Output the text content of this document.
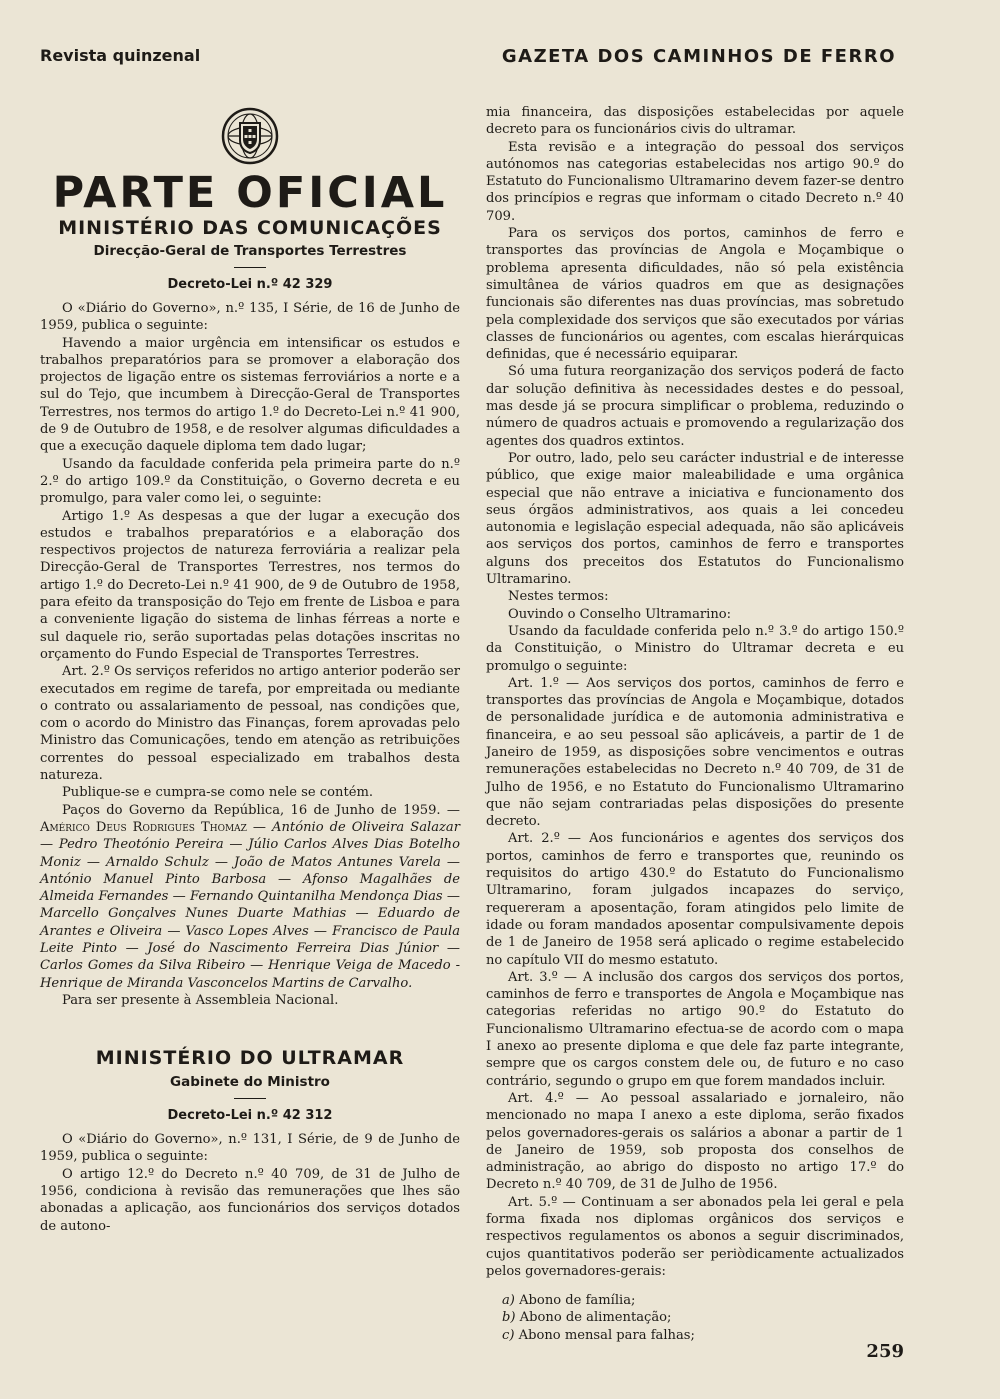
Revista quinzenal	GAZETA DOS CAMINHOS DE FERRO
PARTE OFICIAL
MINISTÉRIO DAS COMUNICAÇÕES
Direcção-Geral de Transportes Terrestres
Decreto-Lei n.º 42 329

O «Diário do Governo», n.º 135, I Série, de 16 de Junho de 1959, publica o seguinte:

Havendo a maior urgência em intensificar os estudos e trabalhos preparatórios para se promover a elaboração dos projectos de ligação entre os sistemas ferroviários a norte e a sul do Tejo, que incumbem à Direcção-Geral de Transportes Terrestres, nos termos do artigo 1.º do Decreto-Lei n.º 41 900, de 9 de Outubro de 1958, e de resolver algumas dificuldades a que a execução daquele diploma tem dado lugar;

Usando da faculdade conferida pela primeira parte do n.º 2.º do artigo 109.º da Constituição, o Governo decreta e eu promulgo, para valer como lei, o seguinte:

Artigo 1.º As despesas a que der lugar a execução dos estudos e trabalhos preparatórios e a elaboração dos respectivos projectos de natureza ferroviária a realizar pela Direcção-Geral de Transportes Terrestres, nos termos do artigo 1.º do Decreto-Lei n.º 41 900, de 9 de Outubro de 1958, para efeito da transposição do Tejo em frente de Lisboa e para a conveniente ligação do sistema de linhas férreas a norte e sul daquele rio, serão suportadas pelas dotações inscritas no orçamento do Fundo Especial de Transportes Terrestres.

Art. 2.º Os serviços referidos no artigo anterior poderão ser executados em regime de tarefa, por empreitada ou mediante o contrato ou assalariamento de pessoal, nas condições que, com o acordo do Ministro das Finanças, forem aprovadas pelo Ministro das Comunicações, tendo em atenção as retribuições correntes do pessoal especializado em trabalhos desta natureza.

Publique-se e cumpra-se como nele se contém.

Paços do Governo da República, 16 de Junho de 1959. — Américo Deus Rodrigues Thomaz — António de Oliveira Salazar — Pedro Theotónio Pereira — Júlio Carlos Alves Dias Botelho Moniz — Arnaldo Schulz — João de Matos Antunes Varela — António Manuel Pinto Barbosa — Afonso Magalhães de Almeida Fernandes — Fernando Quintanilha Mendonça Dias — Marcello Gonçalves Nunes Duarte Mathias — Eduardo de Arantes e Oliveira — Vasco Lopes Alves — Francisco de Paula Leite Pinto — José do Nascimento Ferreira Dias Júnior — Carlos Gomes da Silva Ribeiro — Henrique Veiga de Macedo - Henrique de Miranda Vasconcelos Martins de Carvalho.

Para ser presente à Assembleia Nacional.

MINISTÉRIO DO ULTRAMAR
Gabinete do Ministro
Decreto-Lei n.º 42 312

O «Diário do Governo», n.º 131, I Série, de 9 de Junho de 1959, publica o seguinte:

O artigo 12.º do Decreto n.º 40 709, de 31 de Julho de 1956, condiciona à revisão das remunerações que lhes são abonadas a aplicação, aos funcionários dos serviços dotados de autono-

mia financeira, das disposições estabelecidas por aquele decreto para os funcionários civis do ultramar.

Esta revisão e a integração do pessoal dos serviços autónomos nas categorias estabelecidas nos artigo 90.º do Estatuto do Funcionalismo Ultramarino devem fazer-se dentro dos princípios e regras que informam o citado Decreto n.º 40 709.

Para os serviços dos portos, caminhos de ferro e transportes das províncias de Angola e Moçambique o problema apresenta dificuldades, não só pela existência simultânea de vários quadros em que as designações funcionais são diferentes nas duas províncias, mas sobretudo pela complexidade dos serviços que são executados por várias classes de funcionários ou agentes, com escalas hierárquicas definidas, que é necessário equiparar.

Só uma futura reorganização dos serviços poderá de facto dar solução definitiva às necessidades destes e do pessoal, mas desde já se procura simplificar o problema, reduzindo o número de quadros actuais e promovendo a regularização dos agentes dos quadros extintos.

Por outro, lado, pelo seu carácter industrial e de interesse público, que exige maior maleabilidade e uma orgânica especial que não entrave a iniciativa e funcionamento dos seus órgãos administrativos, aos quais a lei concedeu autonomia e legislação especial adequada, não são aplicáveis aos serviços dos portos, caminhos de ferro e transportes alguns dos preceitos dos Estatutos do Funcionalismo Ultramarino.

Nestes termos:

Ouvindo o Conselho Ultramarino:

Usando da faculdade conferida pelo n.º 3.º do artigo 150.º da Constituição, o Ministro do Ultramar decreta e eu promulgo o seguinte:

Art. 1.º — Aos serviços dos portos, caminhos de ferro e transportes das províncias de Angola e Moçambique, dotados de personalidade jurídica e de automonia administrativa e financeira, e ao seu pessoal são aplicáveis, a partir de 1 de Janeiro de 1959, as disposições sobre vencimentos e outras remunerações estabelecidas no Decreto n.º 40 709, de 31 de Julho de 1956, e no Estatuto do Funcionalismo Ultramarino que não sejam contrariadas pelas disposições do presente decreto.

Art. 2.º — Aos funcionários e agentes dos serviços dos portos, caminhos de ferro e transportes que, reunindo os requisitos do artigo 430.º do Estatuto do Funcionalismo Ultramarino, foram julgados incapazes do serviço, requereram a aposentação, foram atingidos pelo limite de idade ou foram mandados aposentar compulsivamente depois de 1 de Janeiro de 1958 será aplicado o regime estabelecido no capítulo VII do mesmo estatuto.

Art. 3.º — A inclusão dos cargos dos serviços dos portos, caminhos de ferro e transportes de Angola e Moçambique nas categorias referidas no artigo 90.º do Estatuto do Funcionalismo Ultramarino efectua-se de acordo com o mapa I anexo ao presente diploma e que dele faz parte integrante, sempre que os cargos constem dele ou, de futuro e no caso contrário, segundo o grupo em que forem mandados incluir.

Art. 4.º — Ao pessoal assalariado e jornaleiro, não mencionado no mapa I anexo a este diploma, serão fixados pelos governadores-gerais os salários a abonar a partir de 1 de Janeiro de 1959, sob proposta dos conselhos de administração, ao abrigo do disposto no artigo 17.º do Decreto n.º 40 709, de 31 de Julho de 1956.

Art. 5.º — Continuam a ser abonados pela lei geral e pela forma fixada nos diplomas orgânicos dos serviços e respectivos regulamentos os abonos a seguir discriminados, cujos quantitativos poderão ser periòdicamente actualizados pelos governadores-gerais:

a) Abono de família;

b) Abono de alimentação;

c) Abono mensal para falhas;

259
